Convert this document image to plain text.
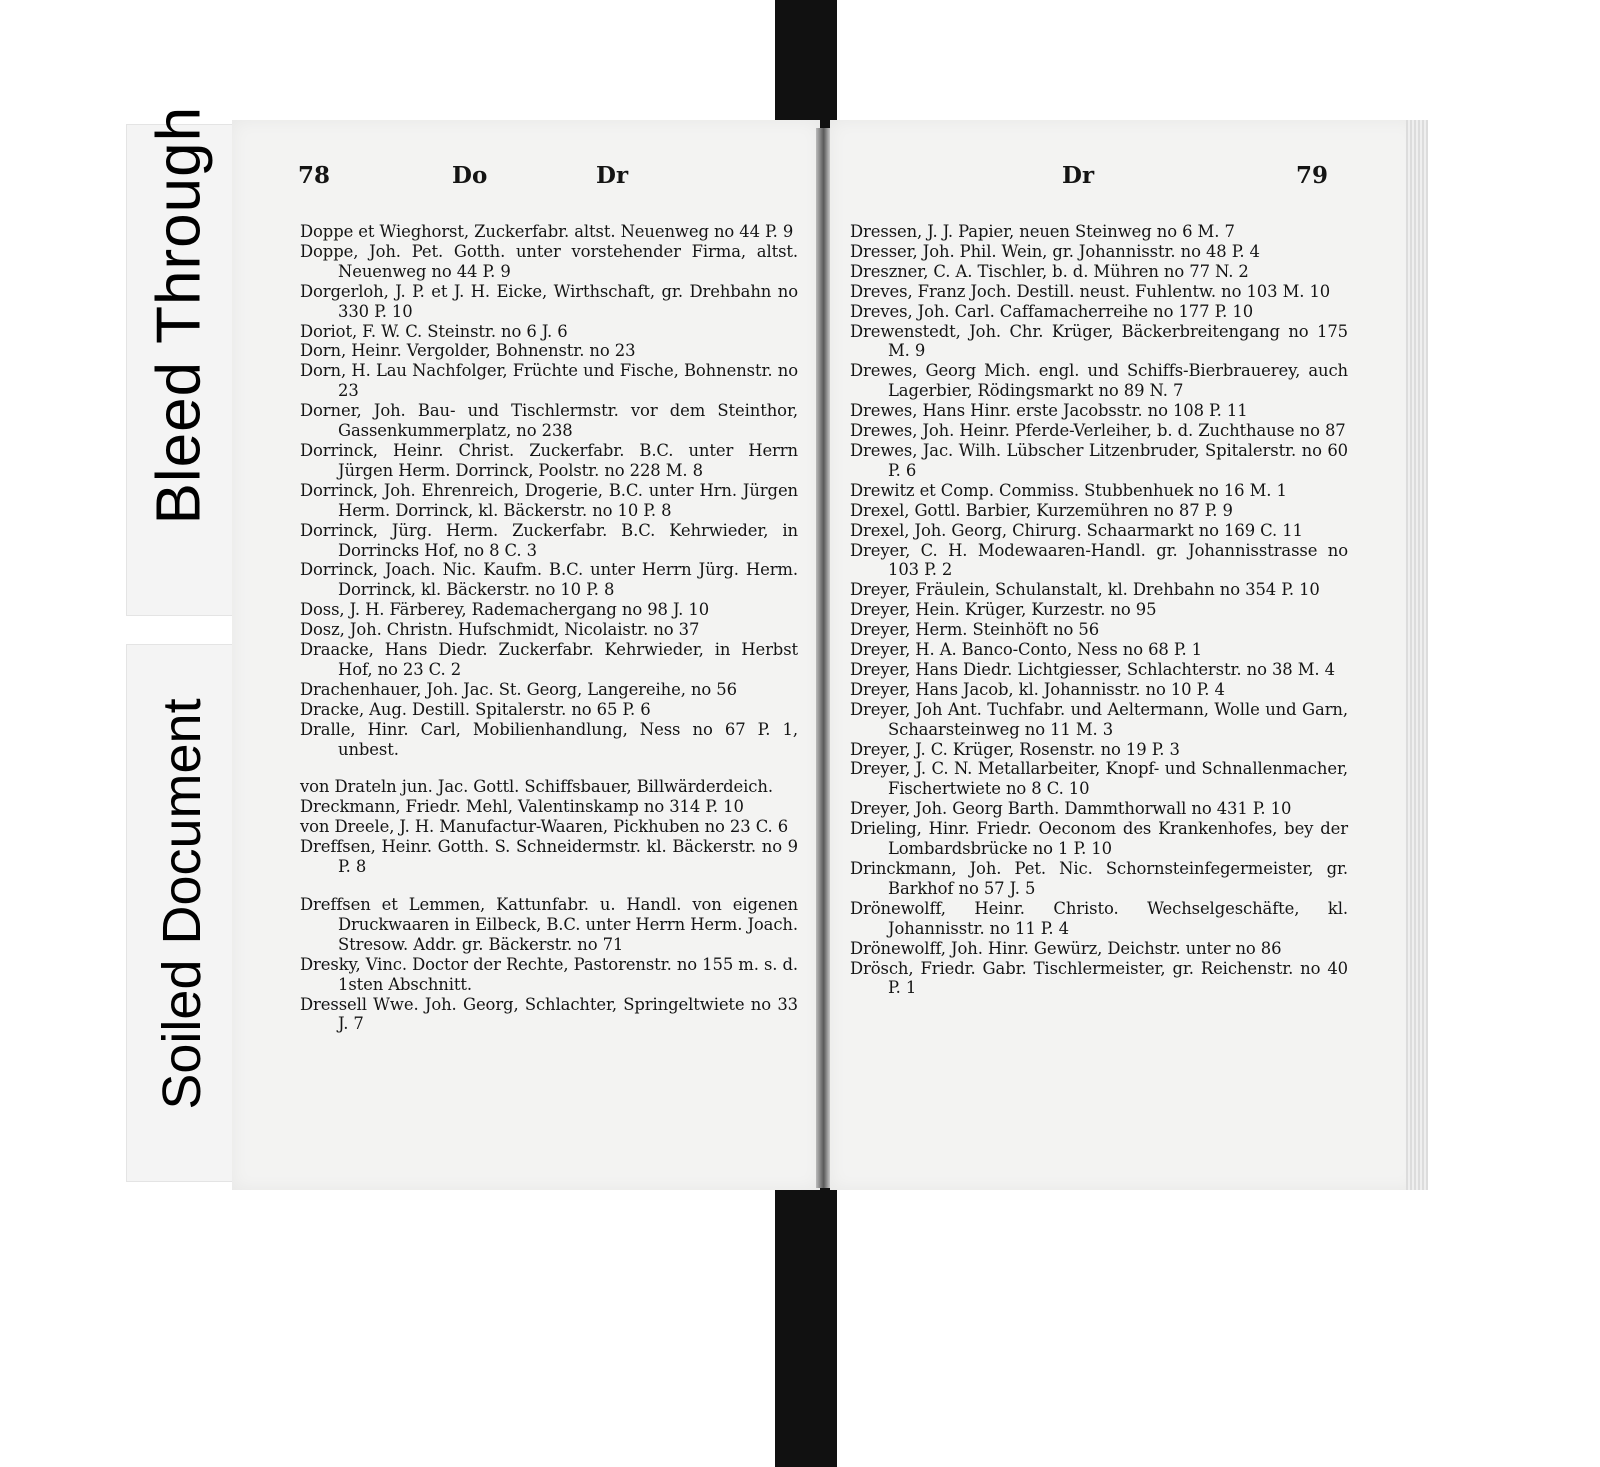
Bleed Through
Soiled Document
78	Do	Dr
Doppe et Wieghorst, Zuckerfabr. altst. Neuenweg no 44 P. 9
Doppe, Joh. Pet. Gotth. unter vorstehender Firma, altst. Neuenweg no 44 P. 9
Dorgerloh, J. P. et J. H. Eicke, Wirthschaft, gr. Drehbahn no 330 P. 10
Doriot, F. W. C. Steinstr. no 6 J. 6
Dorn, Heinr. Vergolder, Bohnenstr. no 23
Dorn, H. Lau Nachfolger, Früchte und Fische, Bohnenstr. no 23
Dorner, Joh. Bau- und Tischlermstr. vor dem Steinthor, Gassenkummerplatz, no 238
Dorrinck, Heinr. Christ. Zuckerfabr. B.C. unter Herrn Jürgen Herm. Dorrinck, Poolstr. no 228 M. 8
Dorrinck, Joh. Ehrenreich, Drogerie, B.C. unter Hrn. Jürgen Herm. Dorrinck, kl. Bäckerstr. no 10 P. 8
Dorrinck, Jürg. Herm. Zuckerfabr. B.C. Kehrwieder, in Dorrincks Hof, no 8 C. 3
Dorrinck, Joach. Nic. Kaufm. B.C. unter Herrn Jürg. Herm. Dorrinck, kl. Bäckerstr. no 10 P. 8
Doss, J. H. Färberey, Rademachergang no 98 J. 10
Dosz, Joh. Christn. Hufschmidt, Nicolaistr. no 37
Draacke, Hans Diedr. Zuckerfabr. Kehrwieder, in Herbst Hof, no 23 C. 2
Drachenhauer, Joh. Jac. St. Georg, Langereihe, no 56
Dracke, Aug. Destill. Spitalerstr. no 65 P. 6
Dralle, Hinr. Carl, Mobilienhandlung, Ness no 67 P. 1, unbest.
von Drateln jun. Jac. Gottl. Schiffsbauer, Billwärderdeich.
Dreckmann, Friedr. Mehl, Valentinskamp no 314 P. 10
von Dreele, J. H. Manufactur-Waaren, Pickhuben no 23 C. 6
Dreffsen, Heinr. Gotth. S. Schneidermstr. kl. Bäckerstr. no 9 P. 8
Dreffsen et Lemmen, Kattunfabr. u. Handl. von eigenen Druckwaaren in Eilbeck, B.C. unter Herrn Herm. Joach. Stresow. Addr. gr. Bäckerstr. no 71
Dresky, Vinc. Doctor der Rechte, Pastorenstr. no 155 m. s. d. 1sten Abschnitt.
Dressell Wwe. Joh. Georg, Schlachter, Springeltwiete no 33 J. 7
Dr	79
Dressen, J. J. Papier, neuen Steinweg no 6 M. 7
Dresser, Joh. Phil. Wein, gr. Johannisstr. no 48 P. 4
Dreszner, C. A. Tischler, b. d. Mühren no 77 N. 2
Dreves, Franz Joch. Destill. neust. Fuhlentw. no 103 M. 10
Dreves, Joh. Carl. Caffamacherreihe no 177 P. 10
Drewenstedt, Joh. Chr. Krüger, Bäckerbreitengang no 175 M. 9
Drewes, Georg Mich. engl. und Schiffs-Bierbrauerey, auch Lagerbier, Rödingsmarkt no 89 N. 7
Drewes, Hans Hinr. erste Jacobsstr. no 108 P. 11
Drewes, Joh. Heinr. Pferde-Verleiher, b. d. Zuchthause no 87
Drewes, Jac. Wilh. Lübscher Litzenbruder, Spitalerstr. no 60 P. 6
Drewitz et Comp. Commiss. Stubbenhuek no 16 M. 1
Drexel, Gottl. Barbier, Kurzemühren no 87 P. 9
Drexel, Joh. Georg, Chirurg. Schaarmarkt no 169 C. 11
Dreyer, C. H. Modewaaren-Handl. gr. Johannisstrasse no 103 P. 2
Dreyer, Fräulein, Schulanstalt, kl. Drehbahn no 354 P. 10
Dreyer, Hein. Krüger, Kurzestr. no 95
Dreyer, Herm. Steinhöft no 56
Dreyer, H. A. Banco-Conto, Ness no 68 P. 1
Dreyer, Hans Diedr. Lichtgiesser, Schlachterstr. no 38 M. 4
Dreyer, Hans Jacob, kl. Johannisstr. no 10 P. 4
Dreyer, Joh Ant. Tuchfabr. und Aeltermann, Wolle und Garn, Schaarsteinweg no 11 M. 3
Dreyer, J. C. Krüger, Rosenstr. no 19 P. 3
Dreyer, J. C. N. Metallarbeiter, Knopf- und Schnallenmacher, Fischertwiete no 8 C. 10
Dreyer, Joh. Georg Barth. Dammthorwall no 431 P. 10
Drieling, Hinr. Friedr. Oeconom des Krankenhofes, bey der Lombardsbrücke no 1 P. 10
Drinckmann, Joh. Pet. Nic. Schornsteinfegermeister, gr. Barkhof no 57 J. 5
Drönewolff, Heinr. Christo. Wechselgeschäfte, kl. Johannisstr. no 11 P. 4
Drönewolff, Joh. Hinr. Gewürz, Deichstr. unter no 86
Drösch, Friedr. Gabr. Tischlermeister, gr. Reichenstr. no 40 P. 1
